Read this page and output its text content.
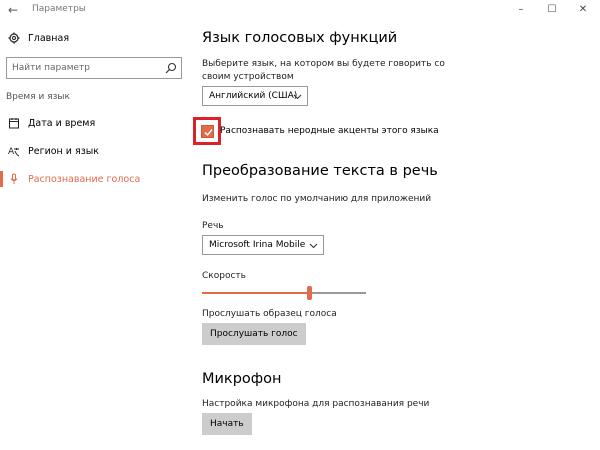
← Параметры	–	☐	✕
Главная
Найти параметр
Время и язык
Дата и время
A Регион и язык
Распознавание голоса
Язык голосовых функций
Выберите язык, на котором вы будете говорить со своим устройством
Английский (США)
Распознавать неродные акценты этого языка
Преобразование текста в речь
Изменить голос по умолчанию для приложений
Речь
Microsoft Irina Mobile
Скорость
Прослушать образец голоса
Прослушать голос
Микрофон
Настройка микрофона для распознавания речи
Начать
